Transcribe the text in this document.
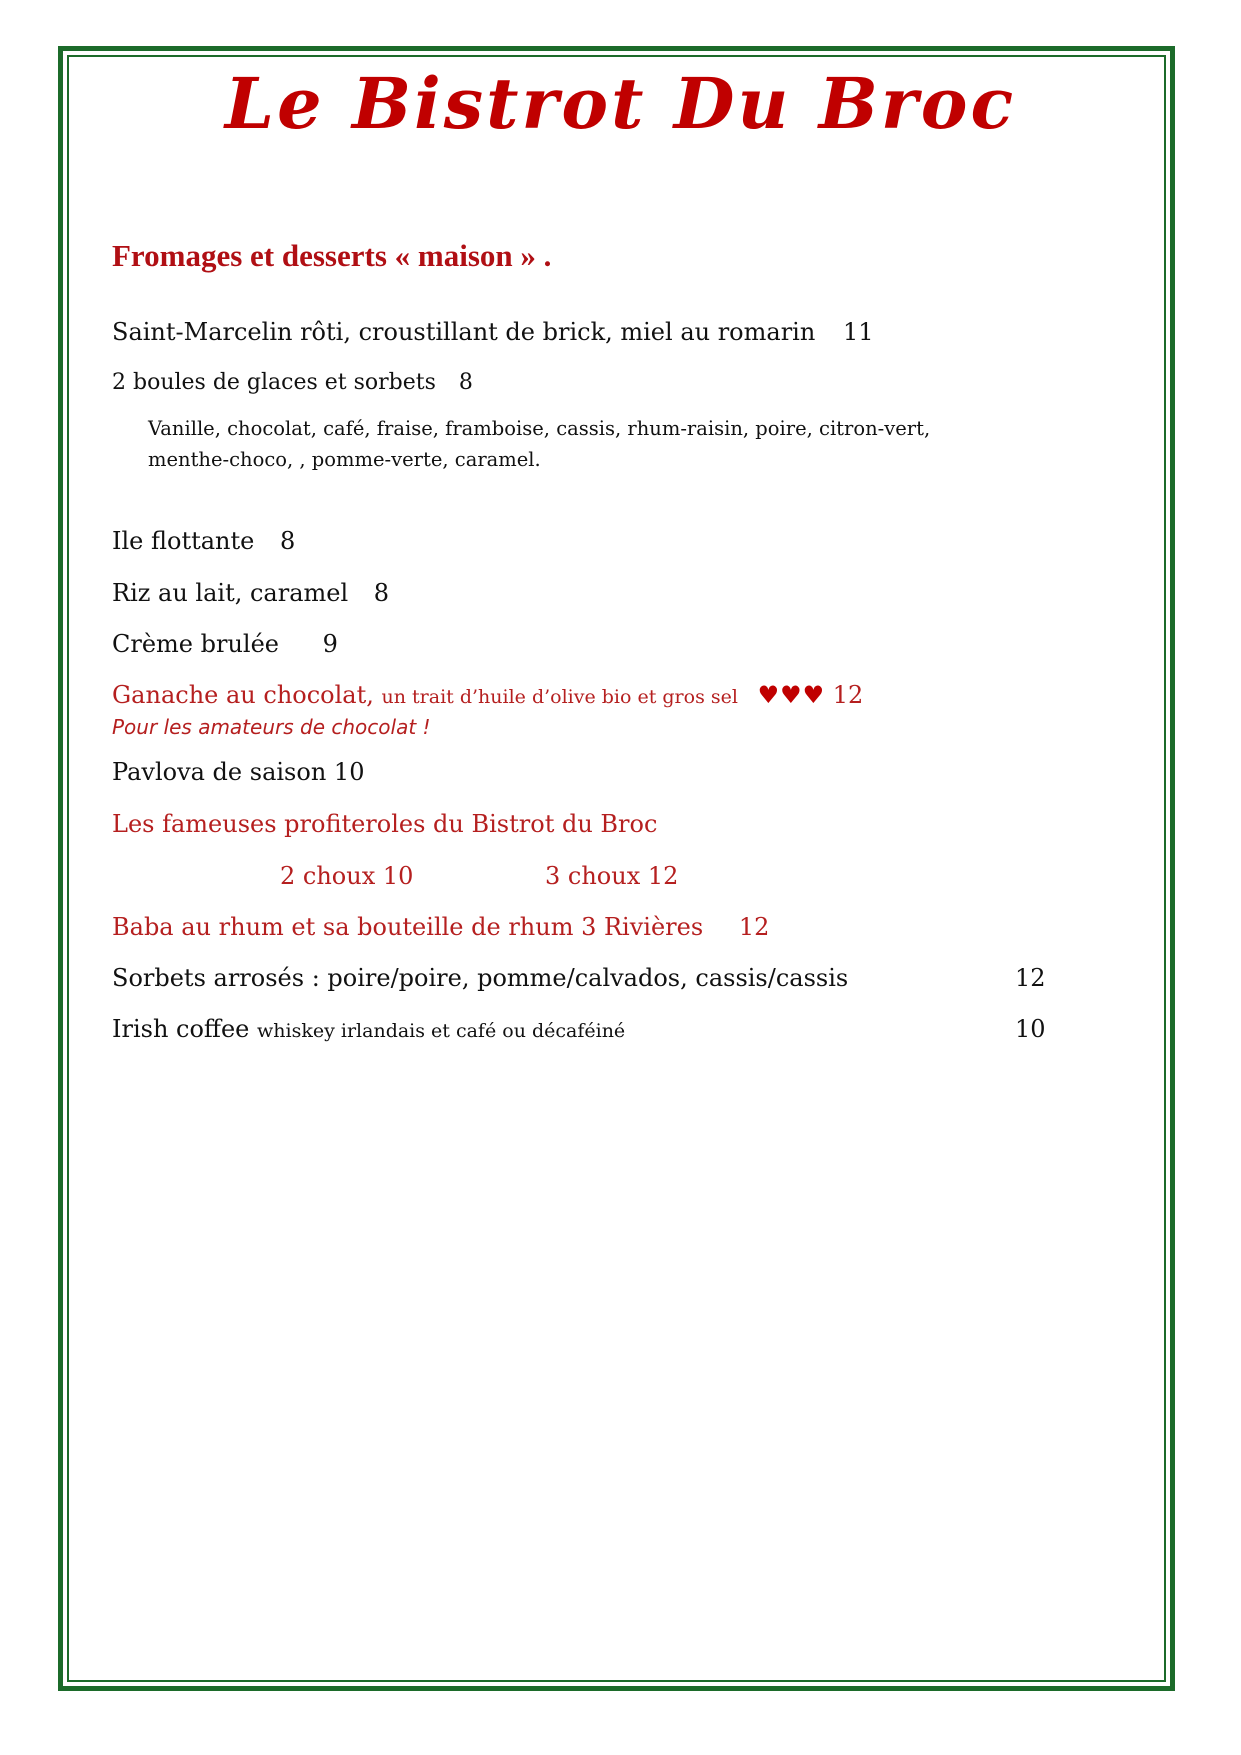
Le Bistrot Du Broc
Fromages et desserts « maison » .
Saint-Marcelin rôti, croustillant de brick, miel au romarin 11
2 boules de glaces et sorbets 8
Vanille, chocolat, café, fraise, framboise, cassis, rhum-raisin, poire, citron-vert,
menthe-choco, , pomme-verte, caramel.
Ile flottante 8
Riz au lait, caramel 8
Crème brulée 9
Ganache au chocolat, un trait d’huile d’olive bio et gros sel ♥♥♥ 12
Pour les amateurs de chocolat !
Pavlova de saison 10
Les fameuses profiteroles du Bistrot du Broc
2 choux 10	3 choux 12
Baba au rhum et sa bouteille de rhum 3 Rivières 12
Sorbets arrosés : poire/poire, pomme/calvados, cassis/cassis	12
Irish coffee whiskey irlandais et café ou décaféiné	10
